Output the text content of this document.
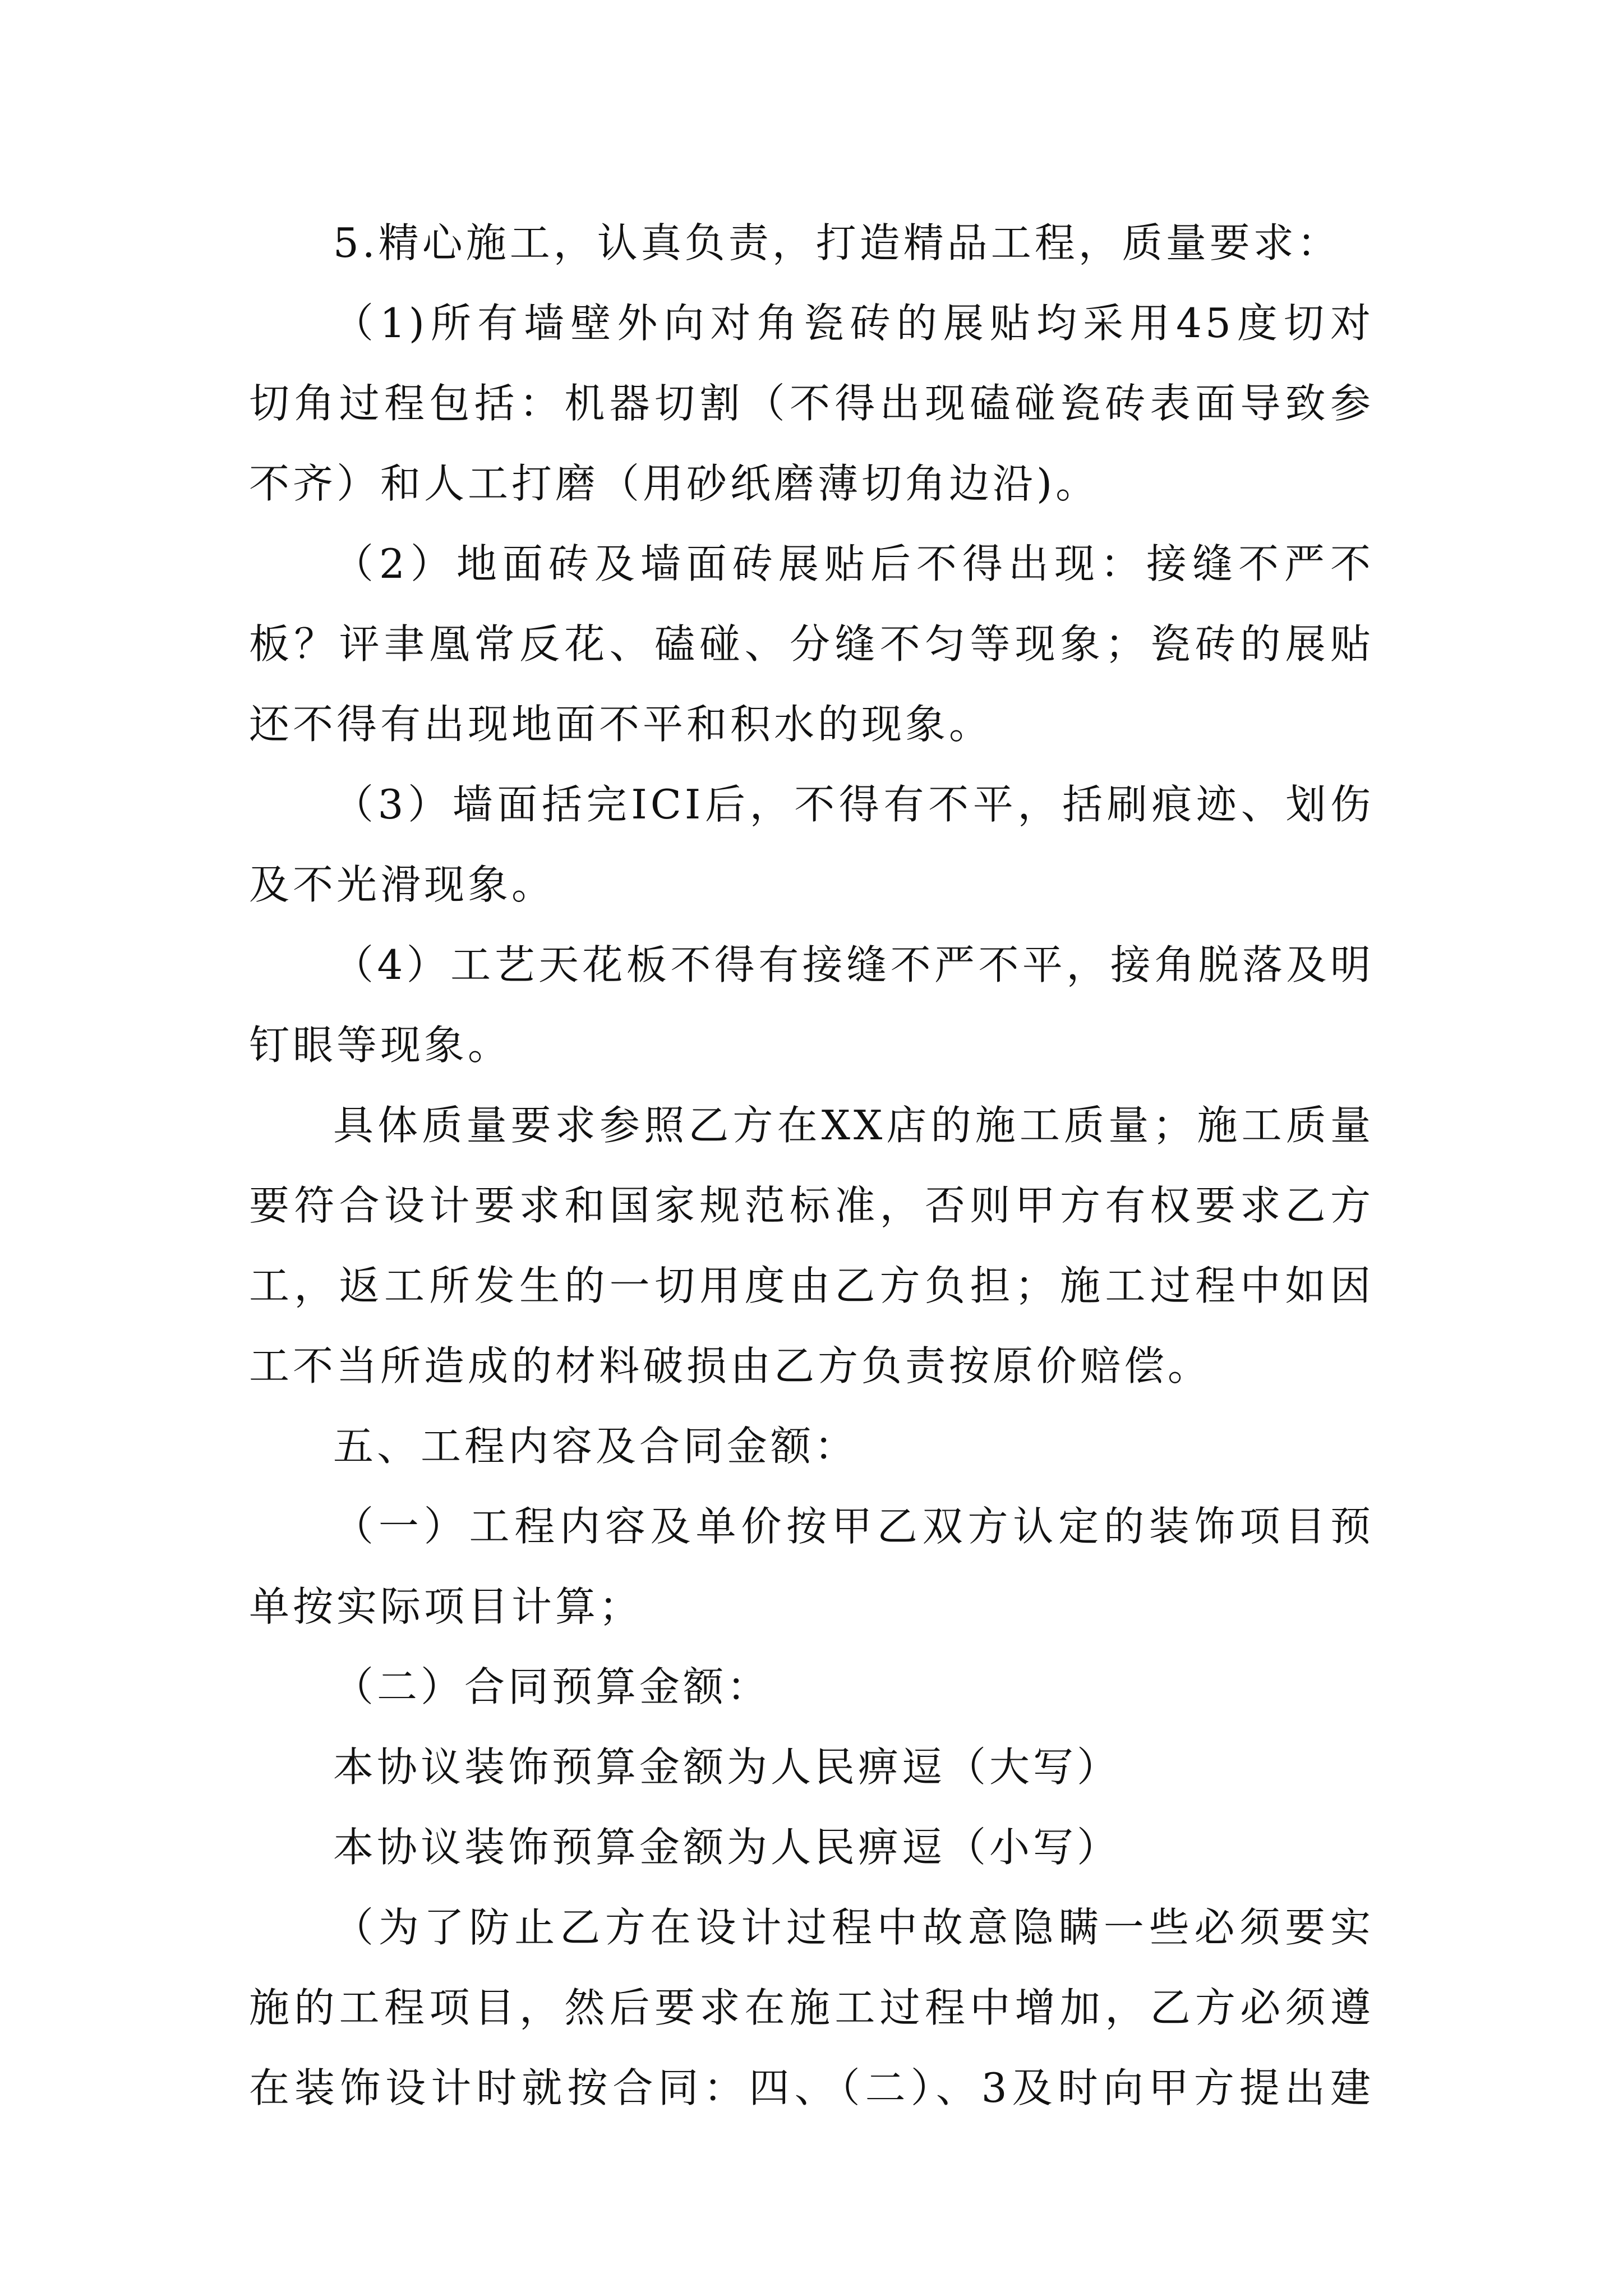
5.精心施工，认真负责，打造精品工程，质量要求：
（1)所有墙壁外向对角瓷砖的展贴均采用45度切对
切角过程包括：机器切割（不得出现磕碰瓷砖表面导致参
不齐）和人工打磨（用砂纸磨薄切角边沿)。
（2）地面砖及墙面砖展贴后不得出现：接缝不严不
板？评聿凰常反花、磕碰、分缝不匀等现象；瓷砖的展贴
还不得有出现地面不平和积水的现象。
（3）墙面括完ICI后，不得有不平，括刷痕迹、划伤
及不光滑现象。
（4）工艺天花板不得有接缝不严不平，接角脱落及明
钉眼等现象。
具体质量要求参照乙方在XX店的施工质量；施工质量
要符合设计要求和国家规范标准，否则甲方有权要求乙方
工，返工所发生的一切用度由乙方负担；施工过程中如因
工不当所造成的材料破损由乙方负责按原价赔偿。
五、工程内容及合同金额：
（一）工程内容及单价按甲乙双方认定的装饰项目预
单按实际项目计算；
（二）合同预算金额：
本协议装饰预算金额为人民痹逗（大写）
本协议装饰预算金额为人民痹逗（小写）
（为了防止乙方在设计过程中故意隐瞒一些必须要实
施的工程项目，然后要求在施工过程中增加，乙方必须遵
在装饰设计时就按合同：四、（二）、3及时向甲方提出建
